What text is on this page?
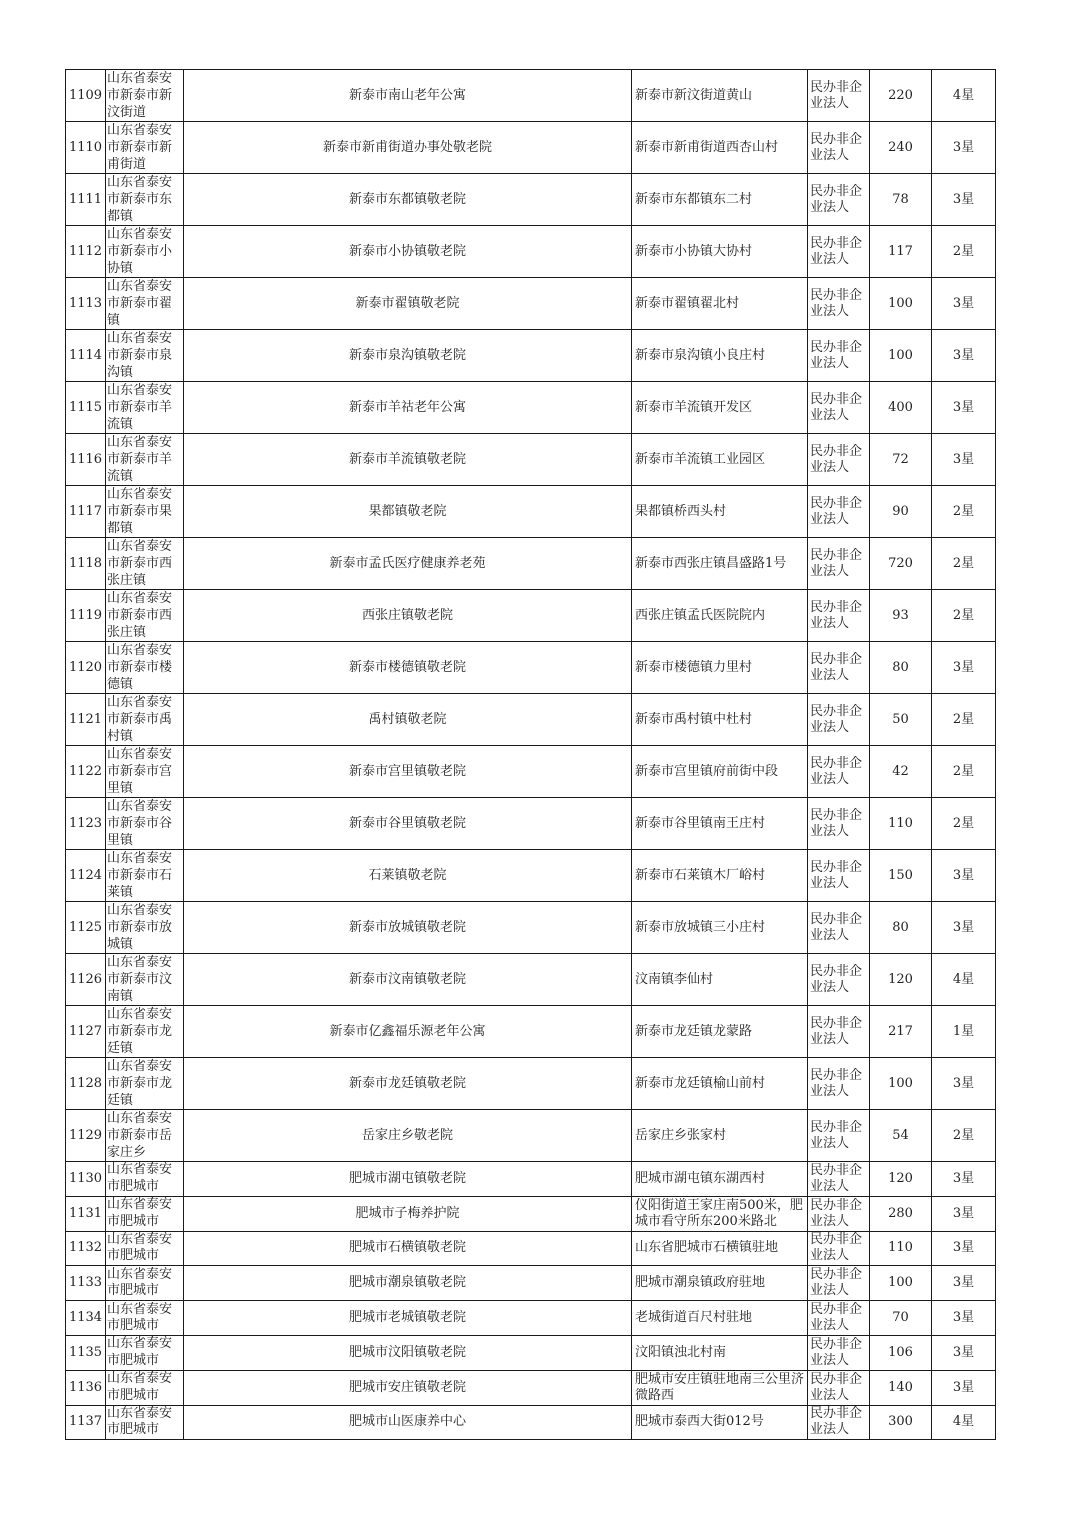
1109	山东省泰安市新泰市新汶街道	新泰市南山老年公寓	新泰市新汶街道黄山	民办非企业法人	220	4星

1110	山东省泰安市新泰市新甫街道	新泰市新甫街道办事处敬老院	新泰市新甫街道西杏山村	民办非企业法人	240	3星

1111	山东省泰安市新泰市东都镇	新泰市东都镇敬老院	新泰市东都镇东二村	民办非企业法人	78	3星

1112	山东省泰安市新泰市小协镇	新泰市小协镇敬老院	新泰市小协镇大协村	民办非企业法人	117	2星

1113	山东省泰安市新泰市翟镇	新泰市翟镇敬老院	新泰市翟镇翟北村	民办非企业法人	100	3星

1114	山东省泰安市新泰市泉沟镇	新泰市泉沟镇敬老院	新泰市泉沟镇小良庄村	民办非企业法人	100	3星

1115	山东省泰安市新泰市羊流镇	新泰市羊祜老年公寓	新泰市羊流镇开发区	民办非企业法人	400	3星

1116	山东省泰安市新泰市羊流镇	新泰市羊流镇敬老院	新泰市羊流镇工业园区	民办非企业法人	72	3星

1117	山东省泰安市新泰市果都镇	果都镇敬老院	果都镇桥西头村	民办非企业法人	90	2星

1118	山东省泰安市新泰市西张庄镇	新泰市孟氏医疗健康养老苑	新泰市西张庄镇昌盛路1号	民办非企业法人	720	2星

1119	山东省泰安市新泰市西张庄镇	西张庄镇敬老院	西张庄镇孟氏医院院内	民办非企业法人	93	2星

1120	山东省泰安市新泰市楼德镇	新泰市楼德镇敬老院	新泰市楼德镇力里村	民办非企业法人	80	3星

1121	山东省泰安市新泰市禹村镇	禹村镇敬老院	新泰市禹村镇中杜村	民办非企业法人	50	2星

1122	山东省泰安市新泰市宫里镇	新泰市宫里镇敬老院	新泰市宫里镇府前街中段	民办非企业法人	42	2星

1123	山东省泰安市新泰市谷里镇	新泰市谷里镇敬老院	新泰市谷里镇南王庄村	民办非企业法人	110	2星

1124	山东省泰安市新泰市石莱镇	石莱镇敬老院	新泰市石莱镇木厂峪村	民办非企业法人	150	3星

1125	山东省泰安市新泰市放城镇	新泰市放城镇敬老院	新泰市放城镇三小庄村	民办非企业法人	80	3星

1126	山东省泰安市新泰市汶南镇	新泰市汶南镇敬老院	汶南镇李仙村	民办非企业法人	120	4星

1127	山东省泰安市新泰市龙廷镇	新泰市亿鑫福乐源老年公寓	新泰市龙廷镇龙蒙路	民办非企业法人	217	1星

1128	山东省泰安市新泰市龙廷镇	新泰市龙廷镇敬老院	新泰市龙廷镇榆山前村	民办非企业法人	100	3星

1129	山东省泰安市新泰市岳家庄乡	岳家庄乡敬老院	岳家庄乡张家村	民办非企业法人	54	2星

1130	山东省泰安市肥城市	肥城市湖屯镇敬老院	肥城市湖屯镇东湖西村	民办非企业法人	120	3星

1131	山东省泰安市肥城市	肥城市子梅养护院	仪阳街道王家庄南500米，肥城市看守所东200米路北	民办非企业法人	280	3星

1132	山东省泰安市肥城市	肥城市石横镇敬老院	山东省肥城市石横镇驻地	民办非企业法人	110	3星

1133	山东省泰安市肥城市	肥城市潮泉镇敬老院	肥城市潮泉镇政府驻地	民办非企业法人	100	3星

1134	山东省泰安市肥城市	肥城市老城镇敬老院	老城街道百尺村驻地	民办非企业法人	70	3星

1135	山东省泰安市肥城市	肥城市汶阳镇敬老院	汶阳镇浊北村南	民办非企业法人	106	3星

1136	山东省泰安市肥城市	肥城市安庄镇敬老院	肥城市安庄镇驻地南三公里济微路西	民办非企业法人	140	3星

1137	山东省泰安市肥城市	肥城市山医康养中心	肥城市泰西大街012号	民办非企业法人	300	4星
